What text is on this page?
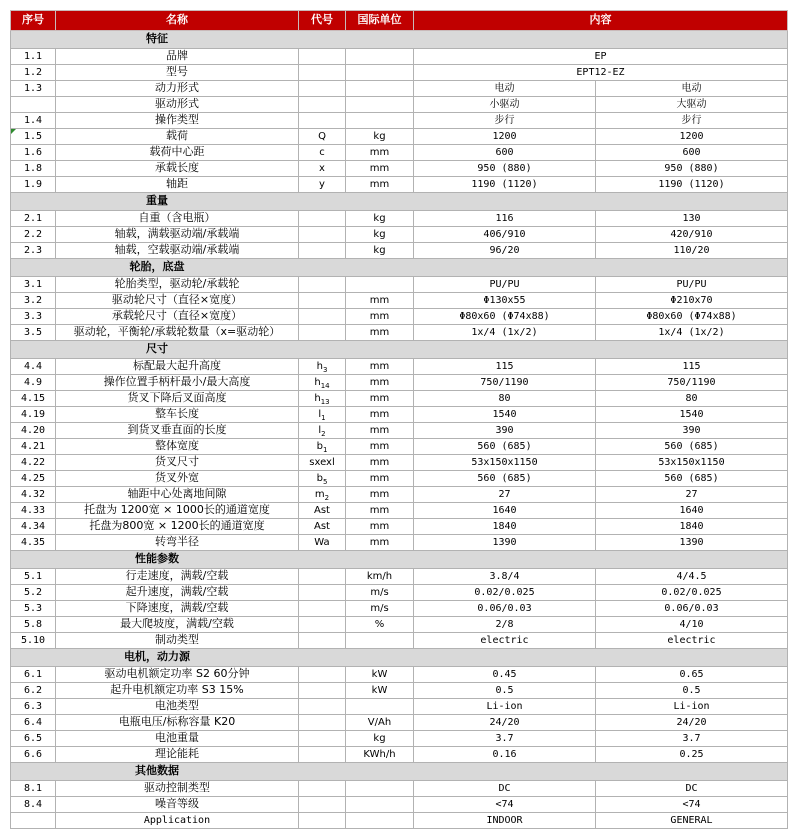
序号	名称	代号	国际单位	内容	
特征					
1.1	品牌			EP	
1.2	型号			EPT12-EZ	
1.3	动力形式			电动	电动
	驱动形式			小驱动	大驱动
1.4	操作类型			步行	步行
1.5	载荷	Q	kg	1200	1200
1.6	载荷中心距	c	mm	600	600
1.8	承载长度	x	mm	950 (880)	950 (880)
1.9	轴距	y	mm	1190 (1120)	1190 (1120)
重量					
2.1	自重（含电瓶）		kg	116	130
2.2	轴载，满载驱动端/承载端		kg	406/910	420/910
2.3	轴载，空载驱动端/承载端		kg	96/20	110/20
轮胎，底盘					
3.1	轮胎类型，驱动轮/承载轮			PU/PU	PU/PU
3.2	驱动轮尺寸（直径×宽度）		mm	Φ130x55	Φ210x70
3.3	承载轮尺寸（直径×宽度）		mm	Φ80x60 (Φ74x88)	Φ80x60 (Φ74x88)
3.5	驱动轮，平衡轮/承载轮数量（x=驱动轮）		mm	1x/4 (1x/2)	1x/4 (1x/2)
尺寸					
4.4	标配最大起升高度	$h_3$	mm	115	115
4.9	操作位置手柄杆最小/最大高度	$h_{14}$	mm	750/1190	750/1190
4.15	货叉下降后叉面高度	$h_{13}$	mm	80	80
4.19	整车长度	$l_1$	mm	1540	1540
4.20	到货叉垂直面的长度	$l_2$	mm	390	390
4.21	整体宽度	$b_1$	mm	560 (685)	560 (685)
4.22	货叉尺寸	sxexl	mm	53x150x1150	53x150x1150
4.25	货叉外宽	$b_5$	mm	560 (685)	560 (685)
4.32	轴距中心处离地间隙	$m_2$	mm	27	27
4.33	托盘为 1200宽 × 1000长的通道宽度	Ast	mm	1640	1640
4.34	托盘为800宽 × 1200长的通道宽度	Ast	mm	1840	1840
4.35	转弯半径	Wa	mm	1390	1390
性能参数					
5.1	行走速度，满载/空载		km/h	3.8/4	4/4.5
5.2	起升速度，满载/空载		m/s	0.02/0.025	0.02/0.025
5.3	下降速度，满载/空载		m/s	0.06/0.03	0.06/0.03
5.8	最大爬坡度，满载/空载		%	2/8	4/10
5.10	制动类型			electric	electric
电机，动力源					
6.1	驱动电机额定功率 S2 60分钟		kW	0.45	0.65
6.2	起升电机额定功率 S3 15%		kW	0.5	0.5
6.3	电池类型			Li-ion	Li-ion
6.4	电瓶电压/标称容量 K20		V/Ah	24/20	24/20
6.5	电池重量		kg	3.7	3.7
6.6	理论能耗		KWh/h	0.16	0.25
其他数据					
8.1	驱动控制类型			DC	DC
8.4	噪音等级			<74	<74
	Application			INDOOR	GENERAL
